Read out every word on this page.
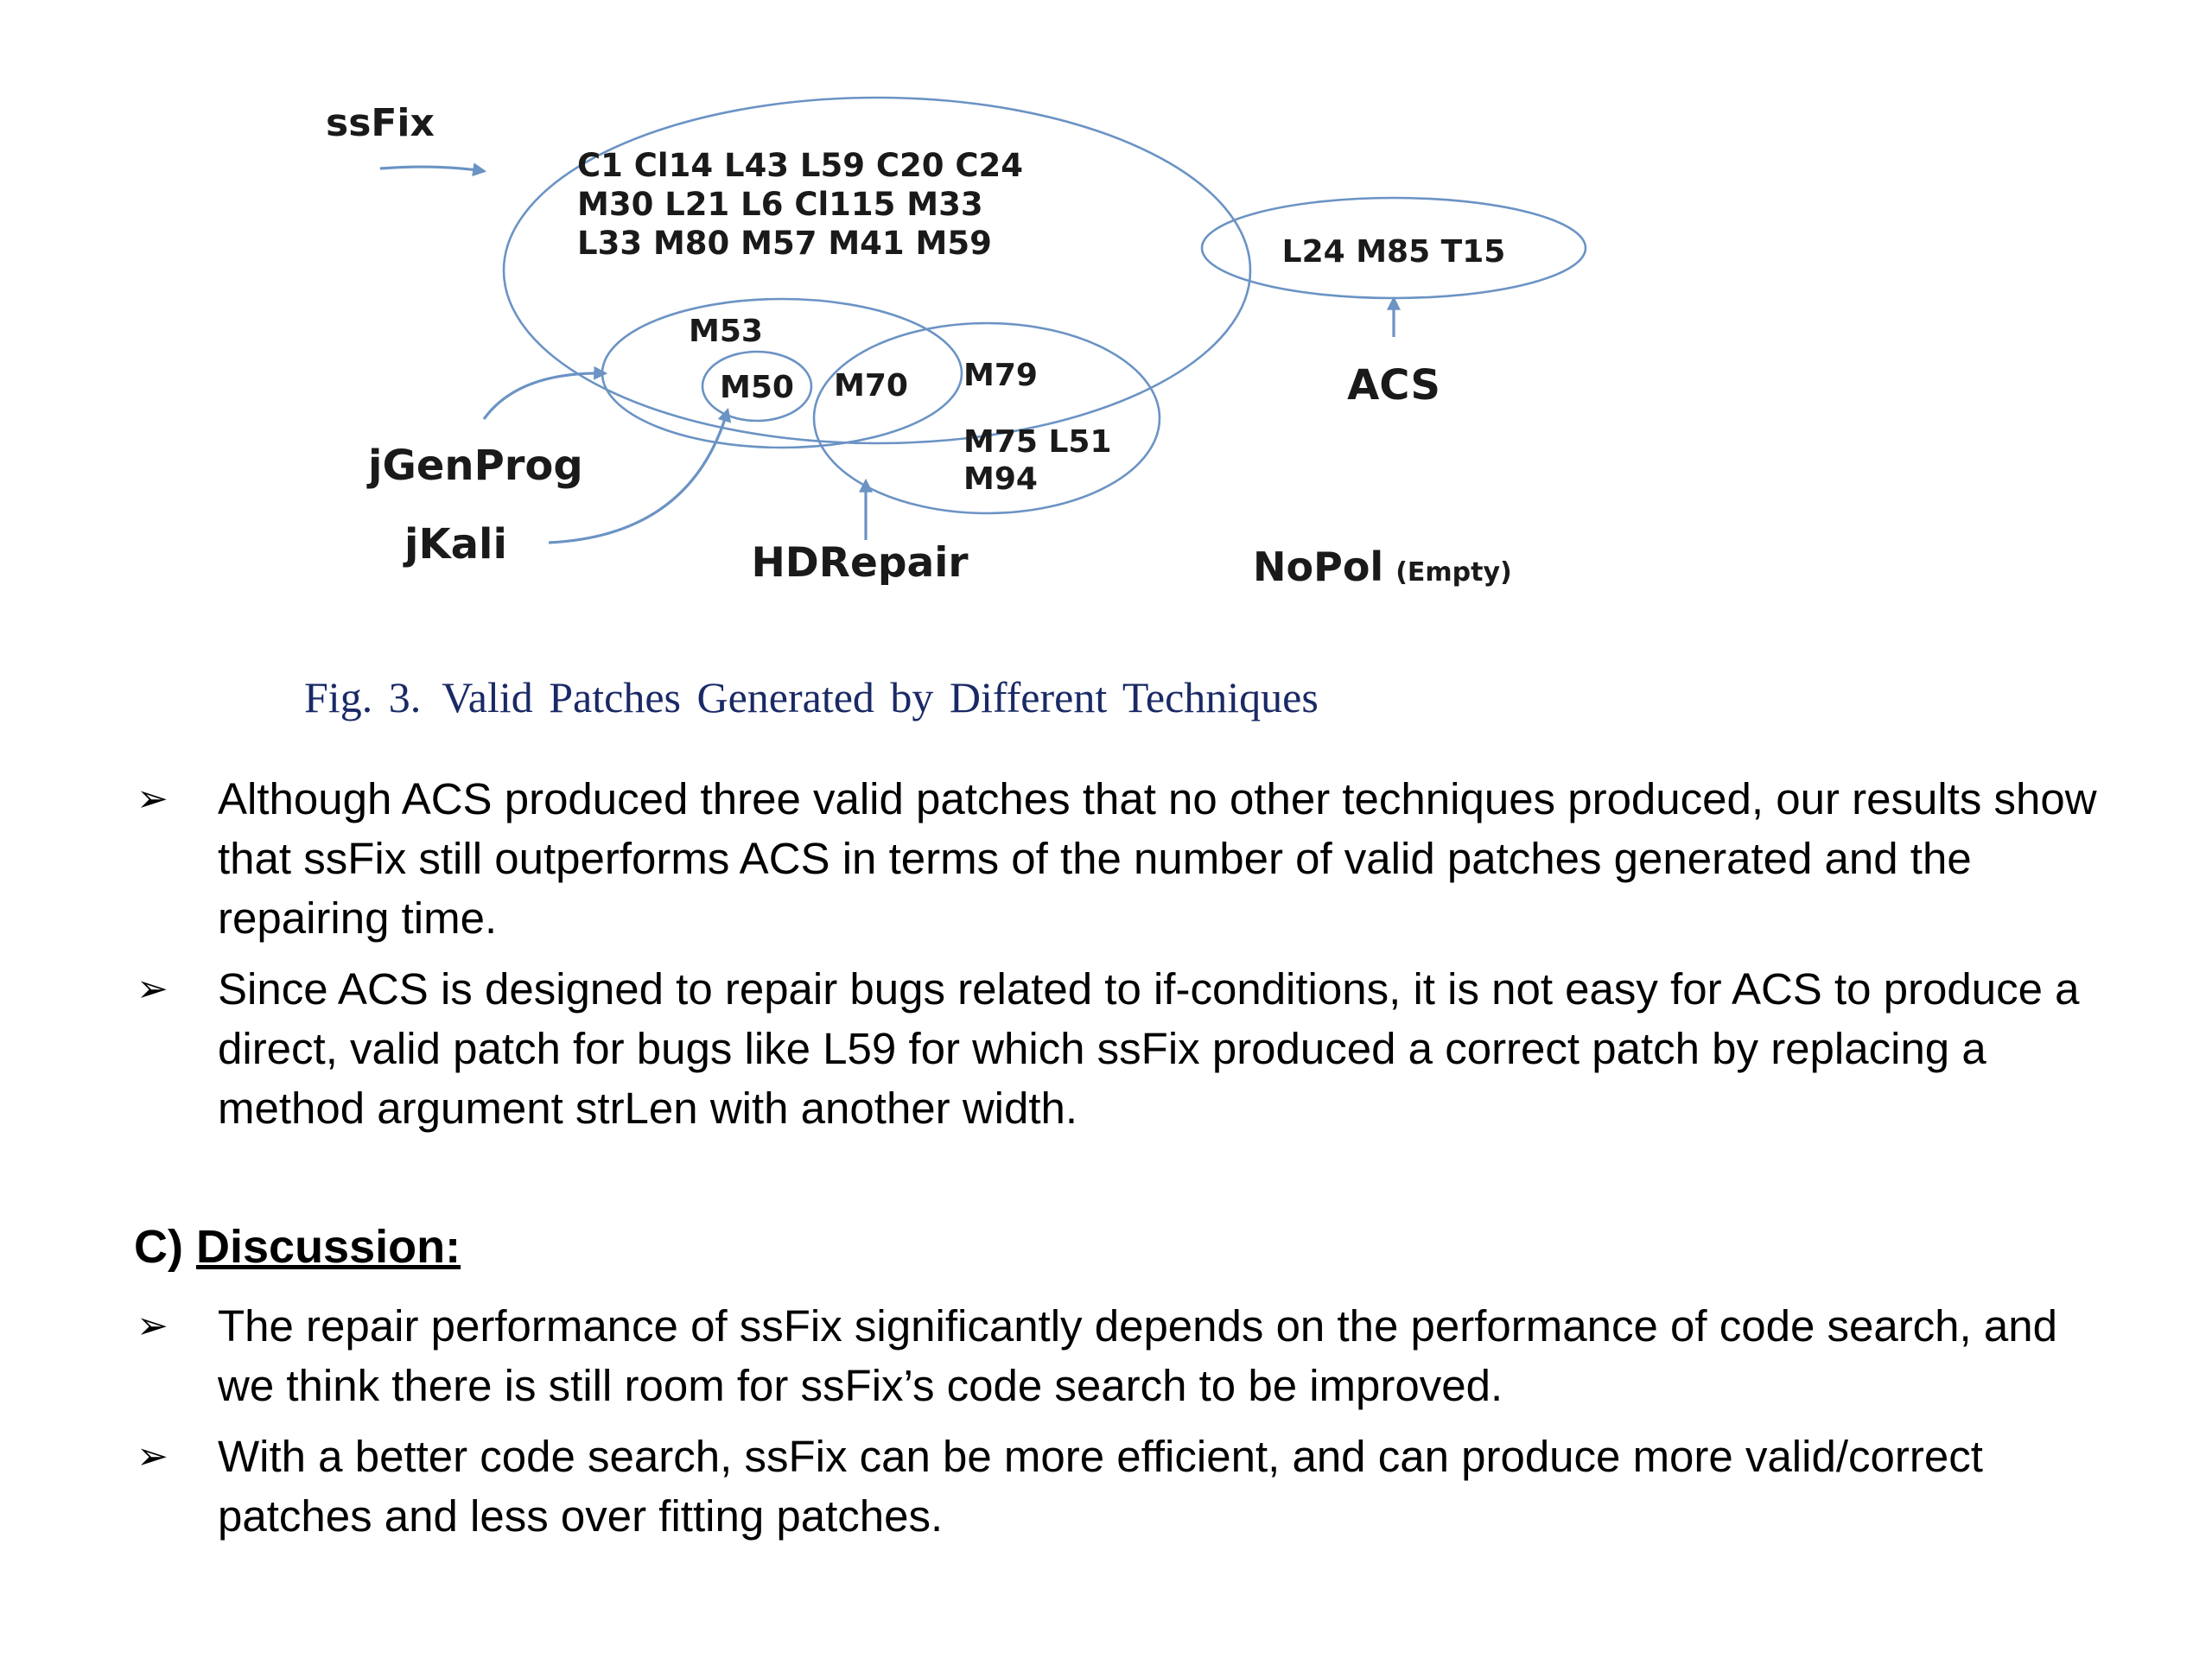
ssFix
jGenProg
jKali	HDRepair
ACS
NoPol (Empty)
C1 Cl14 L43 L59 C20 C24
M30 L21 L6 Cl115 M33
L33 M80 M57 M41 M59
M53
M50 M70 M79
M75 L51
M94
L24 M85 T15

Fig. 3. Valid Patches Generated by Different Techniques

➢ Although ACS produced three valid patches that no other techniques produced, our results show that ssFix still outperforms ACS in terms of the number of valid patches generated and the repairing time.
➢ Since ACS is designed to repair bugs related to if-conditions, it is not easy for ACS to produce a direct, valid patch for bugs like L59 for which ssFix produced a correct patch by replacing a method argument strLen with another width.
C) Discussion:
➢ The repair performance of ssFix significantly depends on the performance of code search, and we think there is still room for ssFix’s code search to be improved.
➢ With a better code search, ssFix can be more efficient, and can produce more valid/correct patches and less over fitting patches.
